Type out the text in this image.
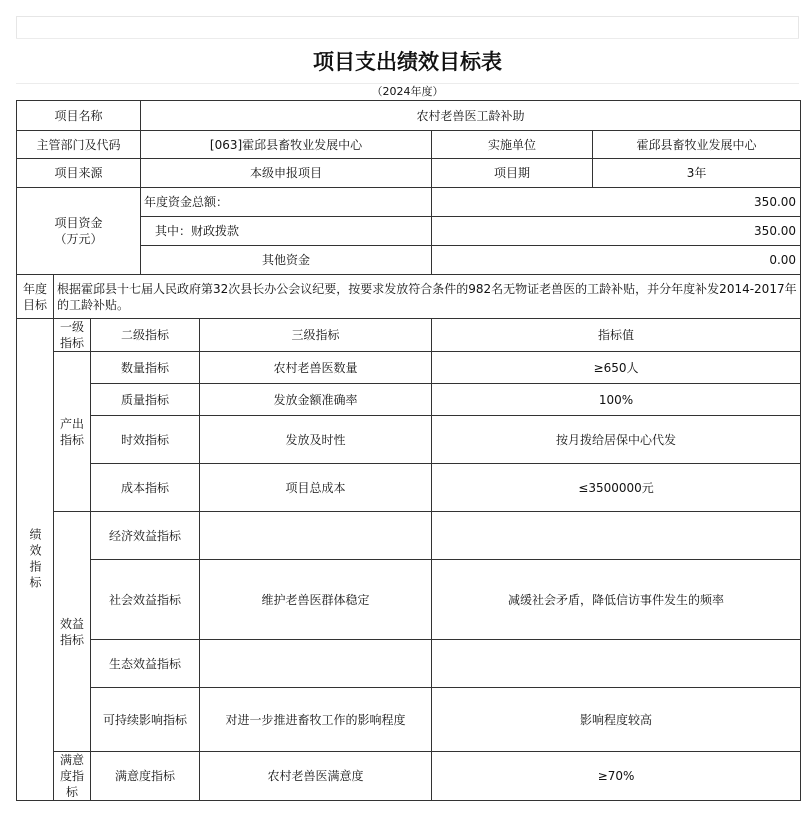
项目支出绩效目标表
（2024年度）
项目名称			农村老兽医工龄补助			
主管部门及代码			[063]霍邱县畜牧业发展中心		实施单位	霍邱县畜牧业发展中心
项目来源			本级申报项目		项目期	3年
项目资金
（万元）			年度资金总额：		350.00	
			其中：财政拨款		350.00	
			其他资金		0.00	
年度目标	根据霍邱县十七届人民政府第32次县长办公会议纪要，按要求发放符合条件的982名无物证老兽医的工龄补贴，并分年度补发2014-2017年的工龄补贴。					
绩效指标	一级指标	二级指标		三级指标	指标值	
	产出指标	数量指标		农村老兽医数量	≥650人	
		质量指标		发放金额准确率	100%	
		时效指标		发放及时性	按月拨给居保中心代发	
		成本指标		项目总成本	≤3500000元	
	效益指标	经济效益指标				
		社会效益指标		维护老兽医群体稳定	减缓社会矛盾，降低信访事件发生的频率	
		生态效益指标				
		可持续影响指标		对进一步推进畜牧工作的影响程度	影响程度较高	
	满意度指标	满意度指标		农村老兽医满意度	≥70%	
